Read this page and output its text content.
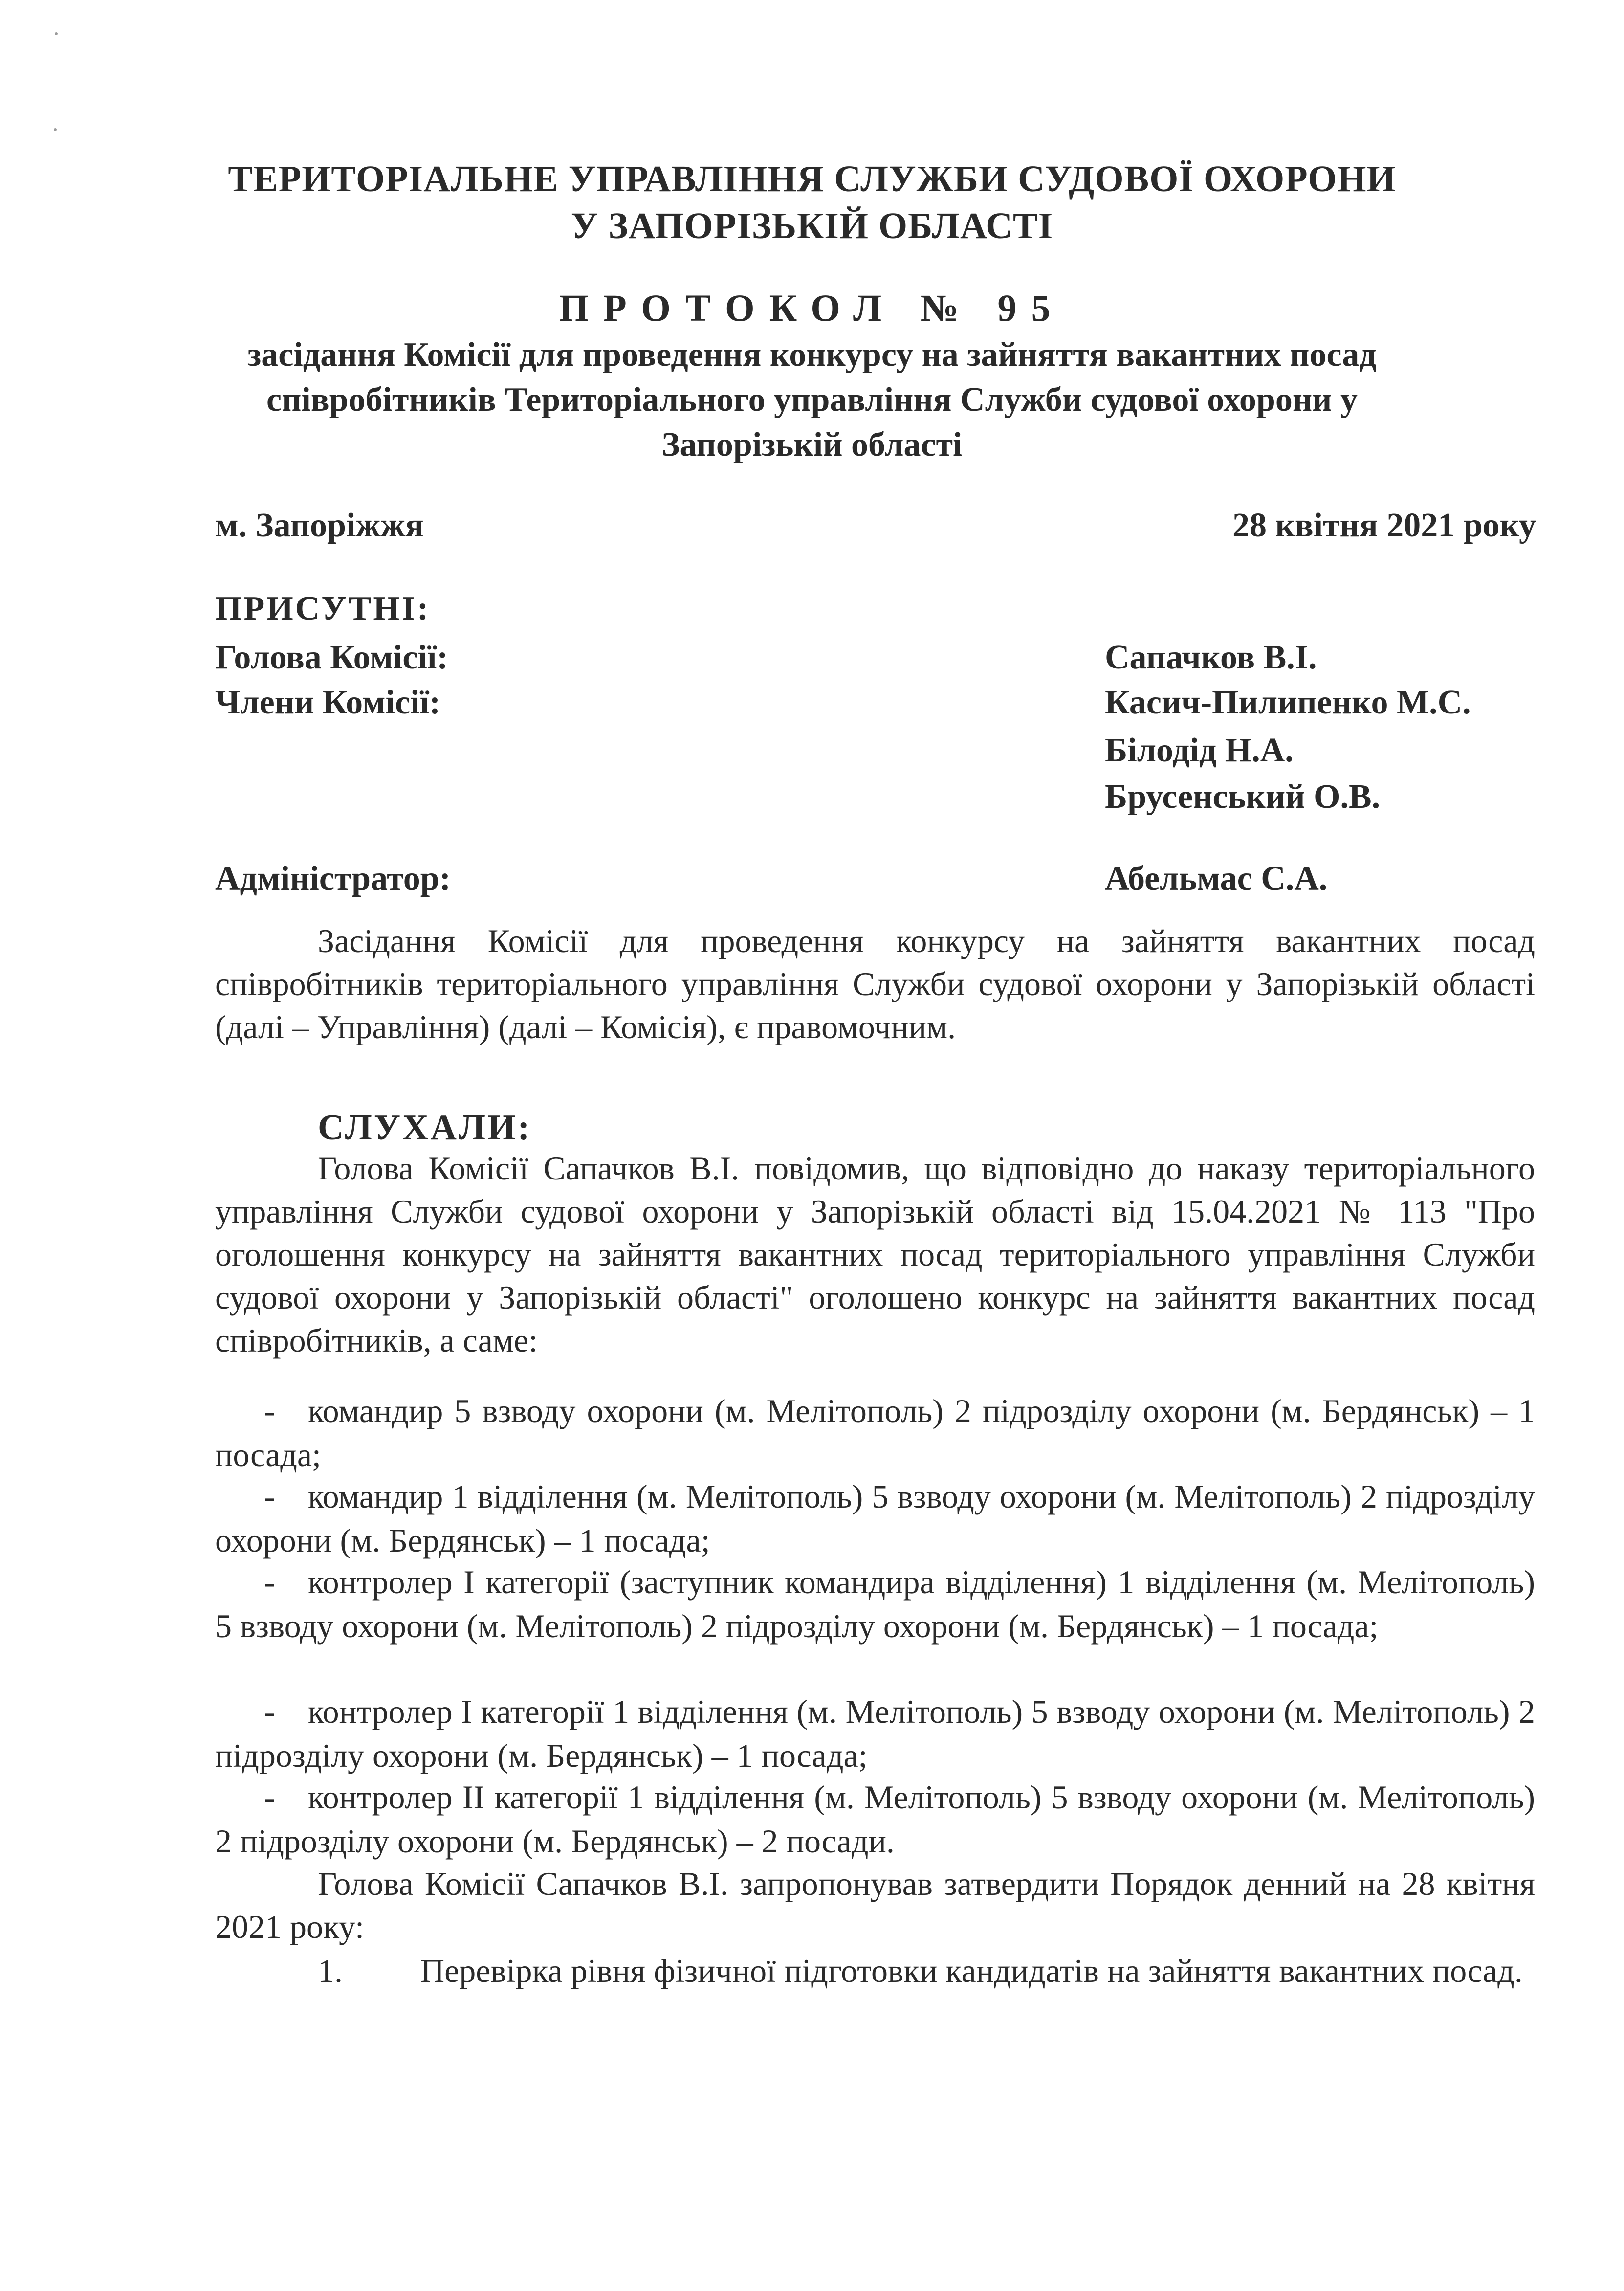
ТЕРИТОРІАЛЬНЕ УПРАВЛІННЯ СЛУЖБИ СУДОВОЇ ОХОРОНИ
У ЗАПОРІЗЬКІЙ ОБЛАСТІ
ПРОТОКОЛ № 95
засідання Комісії для проведення конкурсу на зайняття вакантних посад
співробітників Територіального управління Служби судової охорони у
Запорізькій області
м. Запоріжжя	28 квітня 2021 року
ПРИСУТНІ:
Голова Комісії:	Сапачков В.І.
Члени Комісії:	Касич-Пилипенко М.С.
Білодід Н.А.
Брусенський О.В.
Адміністратор:	Абельмас С.А.
Засідання Комісії для проведення конкурсу на зайняття вакантних посад співробітників територіального управління Служби судової охорони у Запорізькій області (далі – Управління) (далі – Комісія), є правомочним.
СЛУХАЛИ:
Голова Комісії Сапачков В.І. повідомив, що відповідно до наказу територіального управління Служби судової охорони у Запорізькій області від 15.04.2021 № 113 "Про оголошення конкурсу на зайняття вакантних посад територіального управління Служби судової охорони у Запорізькій області" оголошено конкурс на зайняття вакантних посад співробітників, а саме:
- командир 5 взводу охорони (м. Мелітополь) 2 підрозділу охорони (м. Бердянськ) – 1 посада;
- командир 1 відділення (м. Мелітополь) 5 взводу охорони (м. Мелітополь) 2 підрозділу охорони (м. Бердянськ) – 1 посада;
- контролер I категорії (заступник командира відділення) 1 відділення (м. Мелітополь) 5 взводу охорони (м. Мелітополь) 2 підрозділу охорони (м. Бердянськ) – 1 посада;
- контролер I категорії 1 відділення (м. Мелітополь) 5 взводу охорони (м. Мелітополь) 2 підрозділу охорони (м. Бердянськ) – 1 посада;
- контролер II категорії 1 відділення (м. Мелітополь) 5 взводу охорони (м. Мелітополь) 2 підрозділу охорони (м. Бердянськ) – 2 посади.
Голова Комісії Сапачков В.І. запропонував затвердити Порядок денний на 28 квітня 2021 року:
1. Перевірка рівня фізичної підготовки кандидатів на зайняття вакантних посад.
